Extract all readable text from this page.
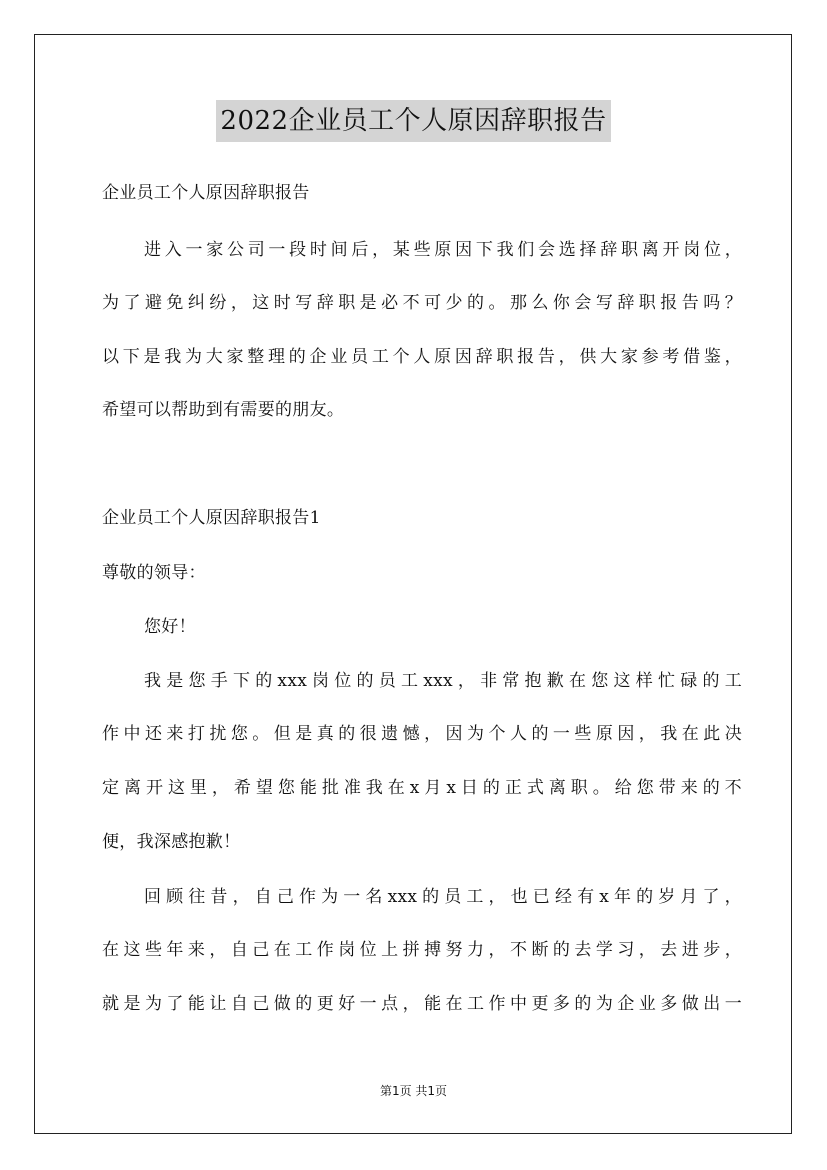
2022企业员工个人原因辞职报告
企业员工个人原因辞职报告
进入一家公司一段时间后，某些原因下我们会选择辞职离开岗位，
为了避免纠纷，这时写辞职是必不可少的。那么你会写辞职报告吗？
以下是我为大家整理的企业员工个人原因辞职报告，供大家参考借鉴，
希望可以帮助到有需要的朋友。
企业员工个人原因辞职报告1
尊敬的领导：
您好！
我是您手下的xxx岗位的员工xxx，非常抱歉在您这样忙碌的工
作中还来打扰您。但是真的很遗憾，因为个人的一些原因，我在此决
定离开这里，希望您能批准我在x月x日的正式离职。给您带来的不
便，我深感抱歉！
回顾往昔，自己作为一名xxx的员工，也已经有x年的岁月了，
在这些年来，自己在工作岗位上拼搏努力，不断的去学习，去进步，
就是为了能让自己做的更好一点，能在工作中更多的为企业多做出一
第1页 共1页
